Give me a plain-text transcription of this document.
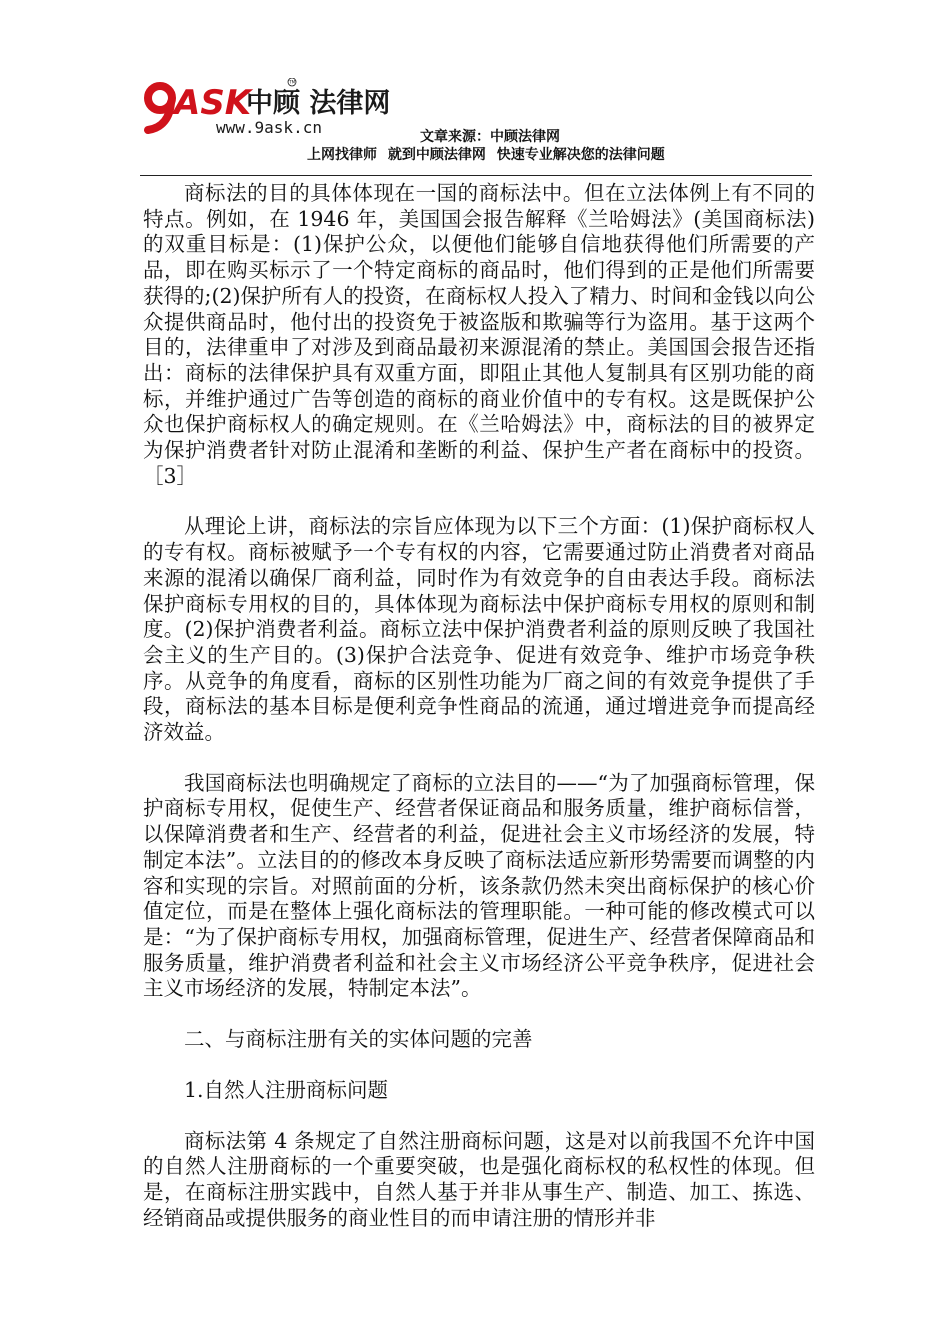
ASK
中顾 法律网
TM
www.9ask.cn	文章来源：中顾法律网
上网找律师 就到中顾法律网 快速专业解决您的法律问题

商标法的目的具体体现在一国的商标法中。但在立法体例上有不同的特点。例如，在 1946 年，美国国会报告解释《兰哈姆法》(美国商标法)的双重目标是：(1)保护公众，以便他们能够自信地获得他们所需要的产品，即在购买标示了一个特定商标的商品时，他们得到的正是他们所需要获得的;(2)保护所有人的投资，在商标权人投入了精力、时间和金钱以向公众提供商品时，他付出的投资免于被盗版和欺骗等行为盗用。基于这两个目的，法律重申了对涉及到商品最初来源混淆的禁止。美国国会报告还指出：商标的法律保护具有双重方面，即阻止其他人复制具有区别功能的商标，并维护通过广告等创造的商标的商业价值中的专有权。这是既保护公众也保护商标权人的确定规则。在《兰哈姆法》中，商标法的目的被界定为保护消费者针对防止混淆和垄断的利益、保护生产者在商标中的投资。［3］

从理论上讲，商标法的宗旨应体现为以下三个方面：(1)保护商标权人的专有权。商标被赋予一个专有权的内容，它需要通过防止消费者对商品来源的混淆以确保厂商利益，同时作为有效竞争的自由表达手段。商标法保护商标专用权的目的，具体体现为商标法中保护商标专用权的原则和制度。(2)保护消费者利益。商标立法中保护消费者利益的原则反映了我国社会主义的生产目的。(3)保护合法竞争、促进有效竞争、维护市场竞争秩序。从竞争的角度看，商标的区别性功能为厂商之间的有效竞争提供了手段，商标法的基本目标是便利竞争性商品的流通，通过增进竞争而提高经济效益。

我国商标法也明确规定了商标的立法目的——“为了加强商标管理，保护商标专用权，促使生产、经营者保证商品和服务质量，维护商标信誉，以保障消费者和生产、经营者的利益，促进社会主义市场经济的发展，特制定本法”。立法目的的修改本身反映了商标法适应新形势需要而调整的内容和实现的宗旨。对照前面的分析，该条款仍然未突出商标保护的核心价值定位，而是在整体上强化商标法的管理职能。一种可能的修改模式可以是：“为了保护商标专用权，加强商标管理，促进生产、经营者保障商品和服务质量，维护消费者利益和社会主义市场经济公平竞争秩序，促进社会主义市场经济的发展，特制定本法”。

二、与商标注册有关的实体问题的完善

1.自然人注册商标问题

商标法第 4 条规定了自然注册商标问题，这是对以前我国不允许中国的自然人注册商标的一个重要突破，也是强化商标权的私权性的体现。但是，在商标注册实践中，自然人基于并非从事生产、制造、加工、拣选、经销商品或提供服务的商业性目的而申请注册的情形并非
